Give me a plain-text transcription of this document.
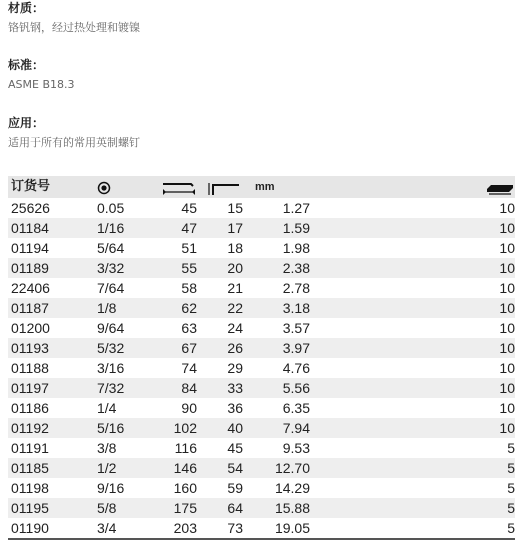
材质：
铬钒钢，经过热处理和镀镍
标准：
ASME B18.3
应用：
适用于所有的常用英制螺钉
订货号				mm		
25626	0.05	45	15	1.27		10
01184	1/16	47	17	1.59		10
01194	5/64	51	18	1.98		10
01189	3/32	55	20	2.38		10
22406	7/64	58	21	2.78		10
01187	1/8	62	22	3.18		10
01200	9/64	63	24	3.57		10
01193	5/32	67	26	3.97		10
01188	3/16	74	29	4.76		10
01197	7/32	84	33	5.56		10
01186	1/4	90	36	6.35		10
01192	5/16	102	40	7.94		10
01191	3/8	116	45	9.53		5
01185	1/2	146	54	12.70		5
01198	9/16	160	59	14.29		5
01195	5/8	175	64	15.88		5
01190	3/4	203	73	19.05		5
